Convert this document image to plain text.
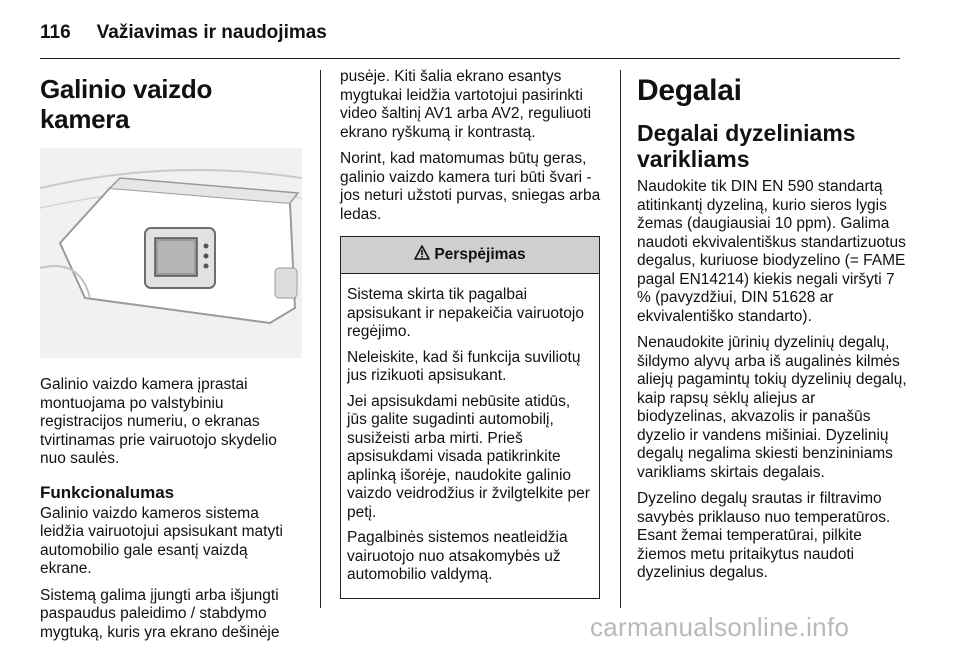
116 Važiavimas ir naudojimas
Galinio vaizdo kamera

Galinio vaizdo kamera įprastai montuojama po valstybiniu registracijos numeriu, o ekranas tvirtinamas prie vairuotojo skydelio nuo saulės.

Funkcionalumas

Galinio vaizdo kameros sistema leidžia vairuotojui apsisukant matyti automobilio gale esantį vaizdą ekrane.

Sistemą galima įjungti arba išjungti paspaudus paleidimo / stabdymo mygtuką, kuris yra ekrano dešinėje

pusėje. Kiti šalia ekrano esantys mygtukai leidžia vartotojui pasirinkti video šaltinį AV1 arba AV2, reguliuoti ekrano ryškumą ir kontrastą.

Norint, kad matomumas būtų geras, galinio vaizdo kamera turi būti švari - jos neturi užstoti purvas, sniegas arba ledas.

Perspėjimas

Sistema skirta tik pagalbai apsisukant ir nepakeičia vairuotojo regėjimo.

Neleiskite, kad ši funkcija suviliotų jus rizikuoti apsisukant.

Jei apsisukdami nebūsite atidūs, jūs galite sugadinti automobilį, susižeisti arba mirti. Prieš apsisukdami visada patikrinkite aplinką išorėje, naudokite galinio vaizdo veidrodžius ir žvilgtelkite per petį.

Pagalbinės sistemos neatleidžia vairuotojo nuo atsakomybės už automobilio valdymą.

Degalai
Degalai dyzeliniams varikliams

Naudokite tik DIN EN 590 standartą atitinkantį dyzeliną, kurio sieros lygis žemas (daugiausiai 10 ppm). Galima naudoti ekvivalentiškus standartizuotus degalus, kuriuose biodyzelino (= FAME pagal EN14214) kiekis negali viršyti 7 % (pavyzdžiui, DIN 51628 ar ekvivalentiško standarto).

Nenaudokite jūrinių dyzelinių degalų, šildymo alyvų arba iš augalinės kilmės aliejų pagamintų tokių dyzelinių degalų, kaip rapsų sėklų aliejus ar biodyzelinas, akvazolis ir panašūs dyzelio ir vandens mišiniai. Dyzelinių degalų negalima skiesti benzininiams varikliams skirtais degalais.

Dyzelino degalų srautas ir filtravimo savybės priklauso nuo temperatūros. Esant žemai temperatūrai, pilkite žiemos metu pritaikytus naudoti dyzelinius degalus.

carmanualsonline.info
